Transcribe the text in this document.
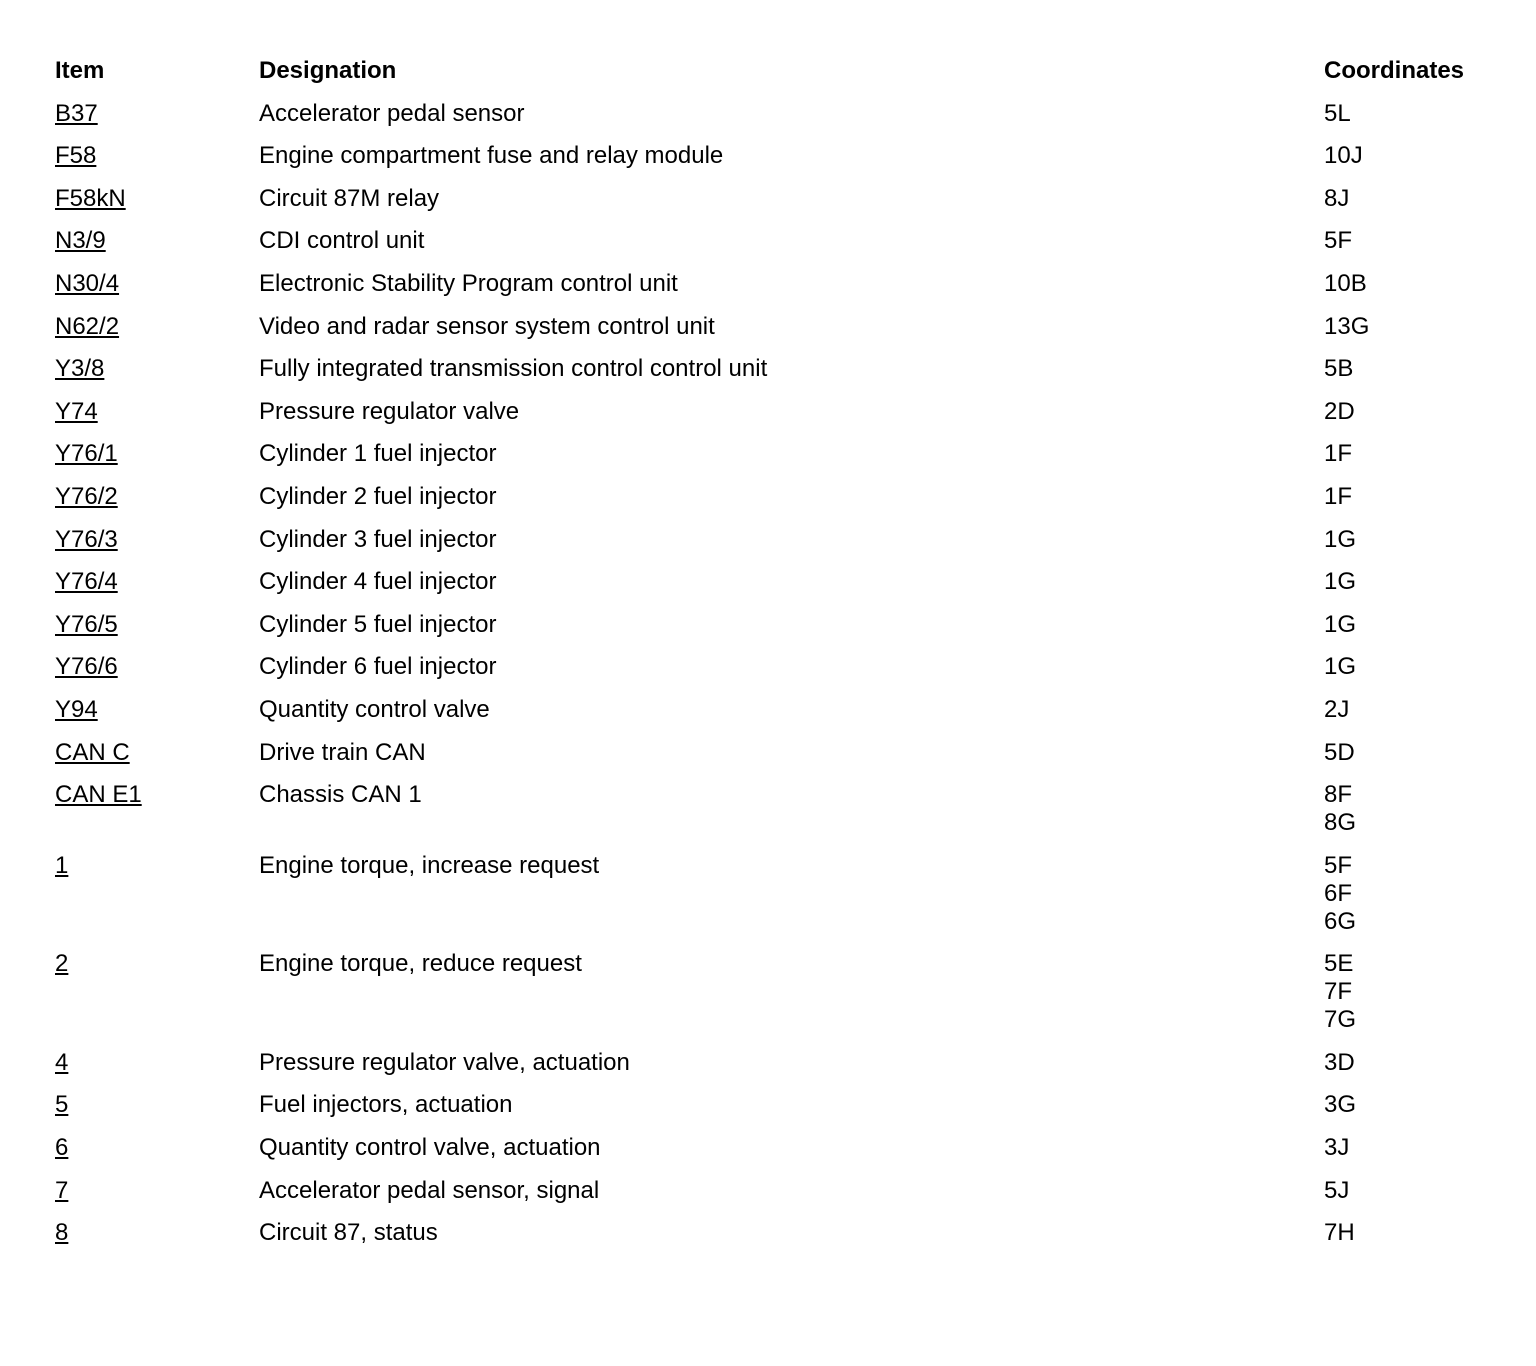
Item	Designation	Coordinates
B37	Accelerator pedal sensor	5L
F58	Engine compartment fuse and relay module	10J
F58kN	Circuit 87M relay	8J
N3/9	CDI control unit	5F
N30/4	Electronic Stability Program control unit	10B
N62/2	Video and radar sensor system control unit	13G
Y3/8	Fully integrated transmission control control unit	5B
Y74	Pressure regulator valve	2D
Y76/1	Cylinder 1 fuel injector	1F
Y76/2	Cylinder 2 fuel injector	1F
Y76/3	Cylinder 3 fuel injector	1G
Y76/4	Cylinder 4 fuel injector	1G
Y76/5	Cylinder 5 fuel injector	1G
Y76/6	Cylinder 6 fuel injector	1G
Y94	Quantity control valve	2J
CAN C	Drive train CAN	5D
CAN E1	Chassis CAN 1	8F
8G
1	Engine torque, increase request	5F
6F
6G
2	Engine torque, reduce request	5E
7F
7G
4	Pressure regulator valve, actuation	3D
5	Fuel injectors, actuation	3G
6	Quantity control valve, actuation	3J
7	Accelerator pedal sensor, signal	5J
8	Circuit 87, status	7H
